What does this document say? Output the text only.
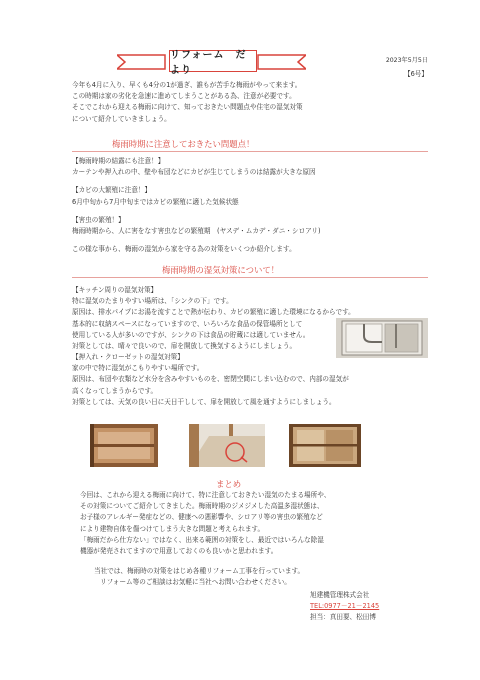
リフォーム　だより
2023年5月5日
【6号】
今年も4月に入り、早くも4分の1が過ぎ、誰もが苦手な梅雨がやって来ます。
この時期は家の劣化を急速に進めてしまうことがある為、注意が必要です。
そこでこれから迎える梅雨に向けて、知っておきたい問題点や住宅の湿気対策
について紹介していきましょう。
梅雨時期に注意しておきたい問題点！
【梅雨時期の結露にも注意！】
カーテンや押入れの中、壁や布団などにカビが生じてしまうのは結露が大きな原因
【カビの大繁殖に注意！】
6月中旬から7月中旬まではカビの繁殖に適した気候状態
【害虫の繁殖！】
梅雨時期から、人に害をなす害虫などの繁殖期　(ヤスデ・ムカデ・ダニ・シロアリ)
この様な事から、梅雨の湿気から家を守る為の対策をいくつか紹介します。
梅雨時期の湿気対策について！
【キッチン周りの湿気対策】
特に湿気のたまりやすい場所は、「シンクの下」です。
原因は、排水パイプにお湯を流すことで熱が伝わり、カビの繁殖に適した環境になるからです。
基本的に収納スペースになっていますので、いろいろな食品の保管場所として
使用している人が多いのですが、シンクの下は食品の貯蔵には適していません。
対策としては、晴々で良いので、扉を開放して換気するようにしましょう。
【押入れ・クローゼットの湿気対策】
家の中で特に湿気がこもりやすい場所です。
原因は、布団や衣類など水分を含みやすいものを、密閉空間にしまい込むので、内部の湿気が
高くなってしまうからです。
対策としては、天気の良い日に天日干しして、扉を開放して風を通すようにしましょう。
まとめ
今回は、これから迎える梅雨に向けて、特に注意しておきたい湿気のたまる場所や、
その対策についてご紹介してきました。梅雨時期のジメジメした高温多湿状態は、
お子様のアレルギー発症などの、健康への悪影響や、シロアリ等の害虫の繁殖など
により建物自体を傷つけてしまう大きな問題と考えられます。
「梅雨だから仕方ない」ではなく、出来る範囲の対策をし、最近ではいろんな除湿
機器が発売されてますので用意しておくのも良いかと思われます。
当社では、梅雨時の対策をはじめ各種リフォーム工事を行っています。
リフォーム等のご相談はお気軽に当社へお問い合わせください。
旭建機管理株式会社
TEL:0977－21－2145
担当：真田要、松田博
